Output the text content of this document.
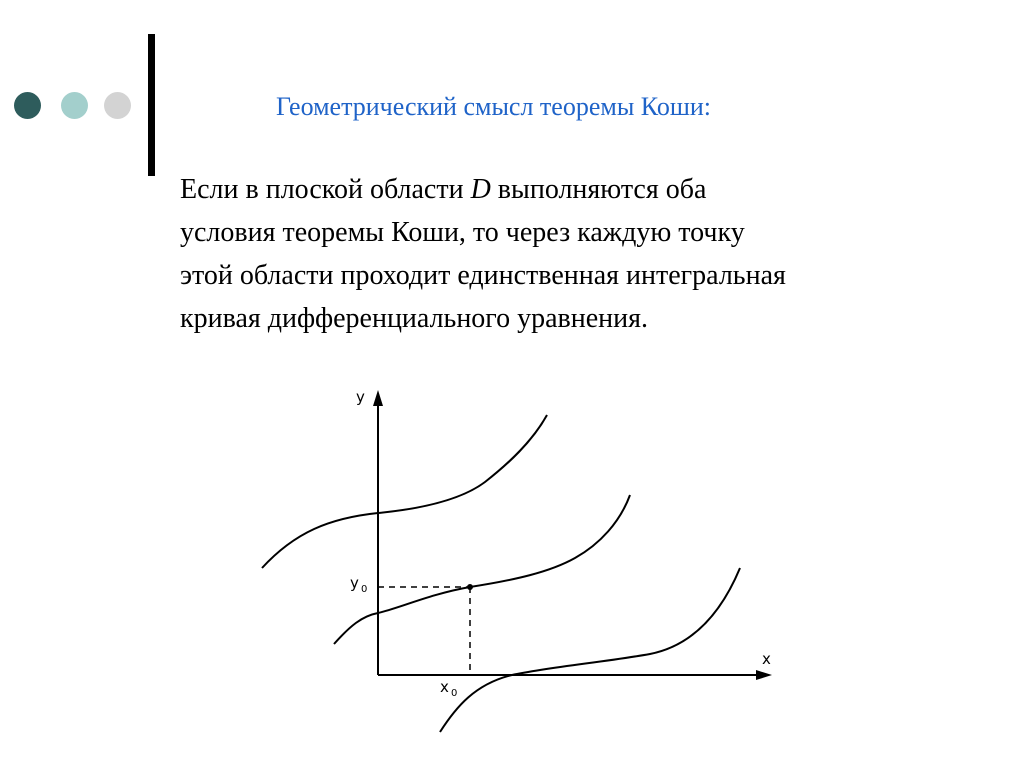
Геометрический смысл теоремы Коши:
Если в плоской области D выполняются оба
условия теоремы Коши, то через каждую точку
этой области проходит единственная интегральная
кривая дифференциального уравнения.
y
x
y 0
x 0
